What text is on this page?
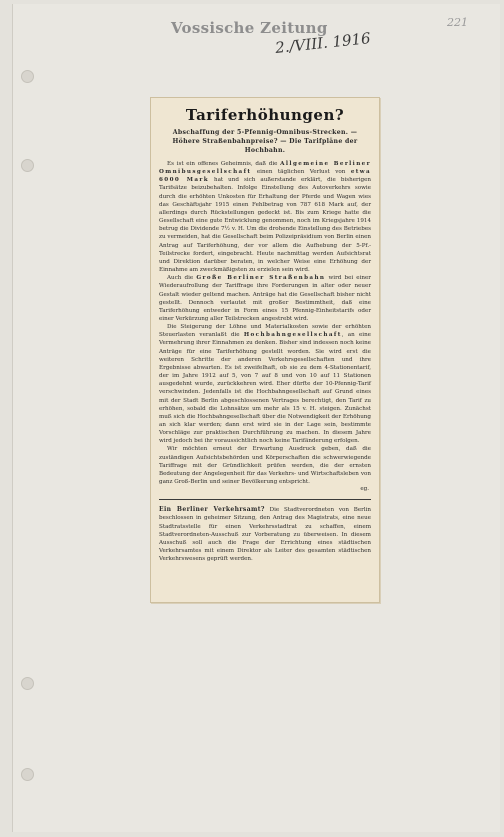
Vossische Zeitung
2./VIII. 1916
221
Tariferhöhungen?
Abschaffung der 5-Pfennig-Omnibus-Strecken. — Höhere Straßenbahnpreise? — Die Tarifpläne der Hochbahn.

Es ist ein offenes Geheimnis, daß die Allgemeine Berliner Omnibusgesellschaft einen täglichen Verlust von etwa 6000 Mark hat und sich außerstande erklärt, die bisherigen Tarifsätze beizubehalten. Infolge Einstellung des Autoverkehrs sowie durch die erhöhten Unkosten für Erhaltung der Pferde und Wagen wies das Geschäftsjahr 1915 einen Fehlbetrag von 787 618 Mark auf, der allerdings durch Rückstellungen gedeckt ist. Bis zum Kriege hatte die Gesellschaft eine gute Entwicklung genommen, noch im Kriegsjahre 1914 betrug die Dividende 7½ v. H. Um die drohende Einstellung des Betriebes zu vermeiden, hat die Gesellschaft beim Polizeipräsidium von Berlin einen Antrag auf Tariferhöhung, der vor allem die Aufhebung der 5-Pf.-Teilstrecke fordert, eingebracht. Heute nachmittag werden Aufsichtsrat und Direktion darüber beraten, in welcher Weise eine Erhöhung der Einnahme am zweckmäßigsten zu erzielen sein wird.

Auch die Große Berliner Straßenbahn wird bei einer Wiederaufrollung der Tariffrage ihre Forderungen in alter oder neuer Gestalt wieder geltend machen. Anträge hat die Gesellschaft bisher nicht gestellt. Dennoch verlautet mit großer Bestimmtheit, daß eine Tariferhöhung entweder in Form eines 15 Pfennig-Einheitstarifs oder einer Verkürzung aller Teilstrecken angestrebt wird.

Die Steigerung der Löhne und Materialkosten sowie der erhöhten Steuerlasten veranlaßt die Hochbahngesellschaft, an eine Vermehrung ihrer Einnahmen zu denken. Bisher sind indessen noch keine Anträge für eine Tariferhöhung gestellt worden. Sie wird erst die weiteren Schritte der anderen Verkehrsgesellschaften und ihre Ergebnisse abwarten. Es ist zweifelhaft, ob sie zu dem 4-Stationentarif, der im Jahre 1912 auf 5, von 7 auf 8 und von 10 auf 11 Stationen ausgedehnt wurde, zurückkehren wird. Eher dürfte der 10-Pfennig-Tarif verschwinden. Jedenfalls ist die Hochbahngesellschaft auf Grund eines mit der Stadt Berlin abgeschlossenen Vertrages berechtigt, den Tarif zu erhöhen, sobald die Lohnsätze um mehr als 15 v. H. steigen. Zunächst muß sich die Hochbahngesellschaft über die Notwendigkeit der Erhöhung an sich klar werden; dann erst wird sie in der Lage sein, bestimmte Vorschläge zur praktischen Durchführung zu machen. In diesem Jahre wird jedoch bei ihr voraussichtlich noch keine Tarifänderung erfolgen.

Wir möchten erneut der Erwartung Ausdruck geben, daß die zuständigen Aufsichtsbehörden und Körperschaften die schwerwiegende Tariffrage mit der Gründlichkeit prüfen werden, die der ernsten Bedeutung der Angelegenheit für das Verkehrs- und Wirtschaftsleben von ganz Groß-Berlin und seiner Bevölkerung entspricht.

eg.

Ein Berliner Verkehrsamt? Die Stadtverordneten von Berlin beschlossen in geheimer Sitzung, den Antrag des Magistrats, eine neue Stadtratsstelle für einen Verkehrsstadtrat zu schaffen, einem Stadtverordneten-Ausschuß zur Vorberatung zu überweisen. In diesem Ausschuß soll auch die Frage der Errichtung eines städtischen Verkehrsamtes mit einem Direktor als Leiter des gesamten städtischen Verkehrswesens geprüft werden.
